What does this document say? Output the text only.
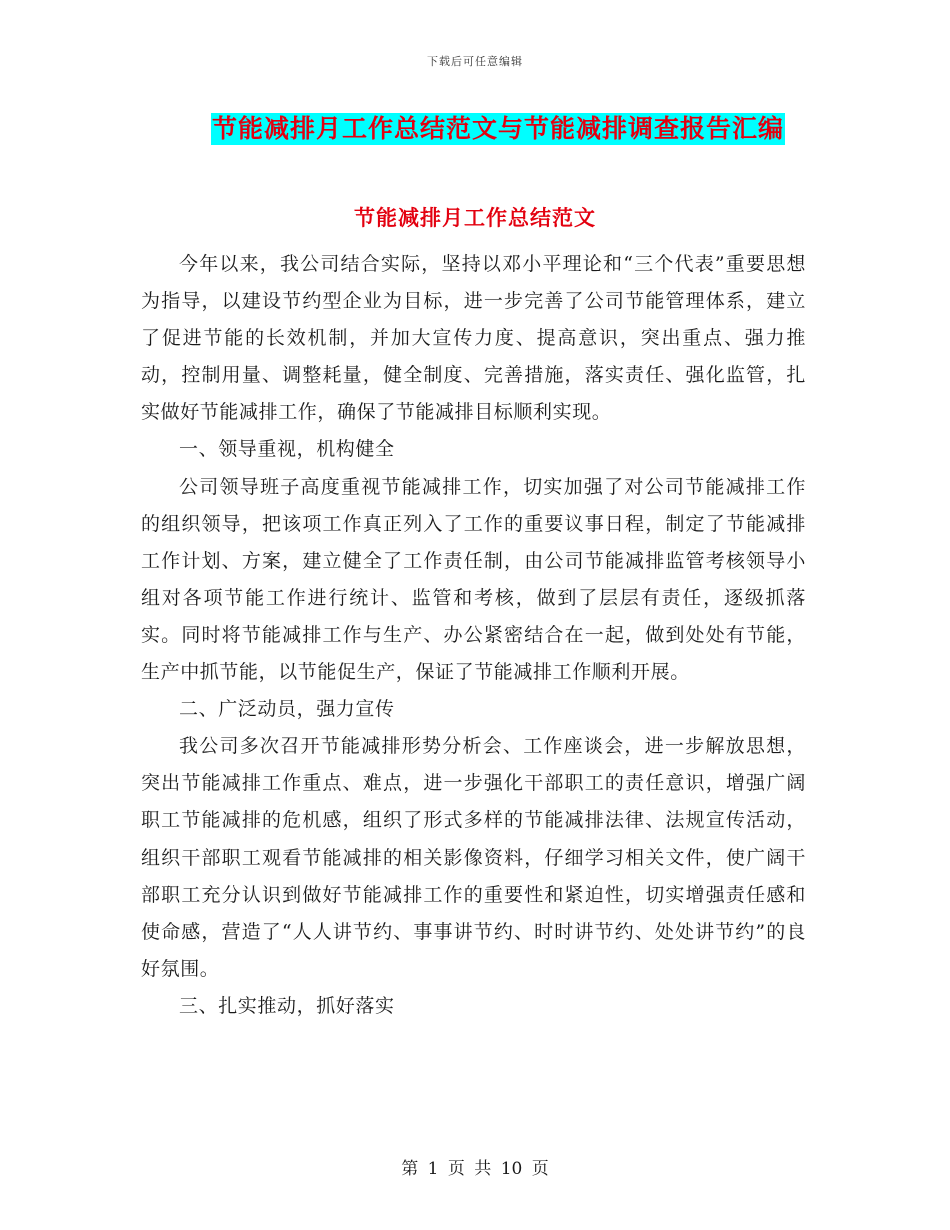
下载后可任意编辑
节能减排月工作总结范文与节能减排调查报告汇编
节能减排月工作总结范文

今年以来，我公司结合实际，坚持以邓小平理论和“三个代表”重要思想为指导，以建设节约型企业为目标，进一步完善了公司节能管理体系，建立了促进节能的长效机制，并加大宣传力度、提高意识，突出重点、强力推动，控制用量、调整耗量，健全制度、完善措施，落实责任、强化监管，扎实做好节能减排工作，确保了节能减排目标顺利实现。

一、领导重视，机构健全

公司领导班子高度重视节能减排工作，切实加强了对公司节能减排工作的组织领导，把该项工作真正列入了工作的重要议事日程，制定了节能减排工作计划、方案，建立健全了工作责任制，由公司节能减排监管考核领导小组对各项节能工作进行统计、监管和考核，做到了层层有责任，逐级抓落实。同时将节能减排工作与生产、办公紧密结合在一起，做到处处有节能，生产中抓节能，以节能促生产，保证了节能减排工作顺利开展。

二、广泛动员，强力宣传

我公司多次召开节能减排形势分析会、工作座谈会，进一步解放思想，突出节能减排工作重点、难点，进一步强化干部职工的责任意识，增强广阔职工节能减排的危机感，组织了形式多样的节能减排法律、法规宣传活动，组织干部职工观看节能减排的相关影像资料，仔细学习相关文件，使广阔干部职工充分认识到做好节能减排工作的重要性和紧迫性，切实增强责任感和使命感，营造了“人人讲节约、事事讲节约、时时讲节约、处处讲节约”的良好氛围。

三、扎实推动，抓好落实

第 1 页 共 10 页
